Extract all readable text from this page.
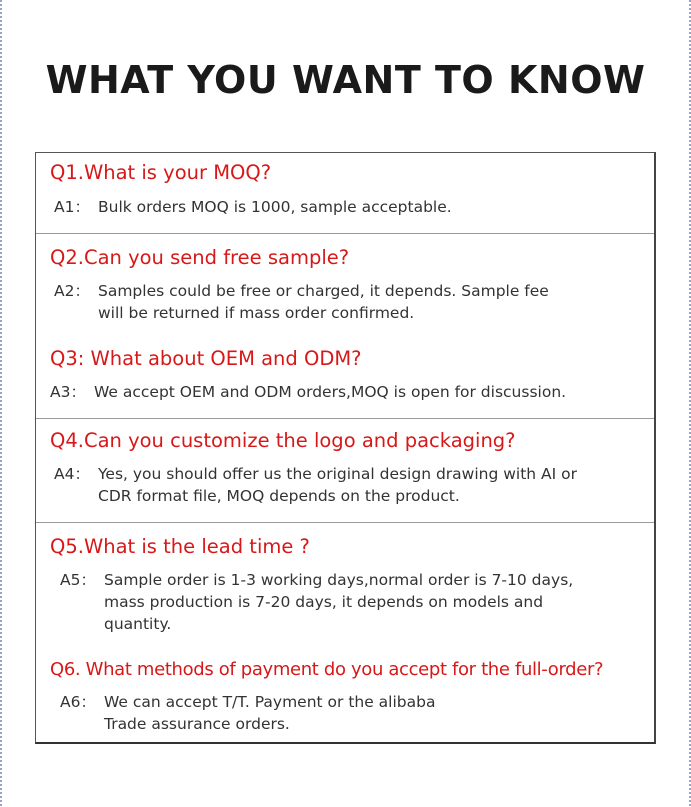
WHAT YOU WANT TO KNOW
Q1.What is your MOQ?
A1： Bulk orders MOQ is 1000, sample acceptable.
Q2.Can you send free sample?
A2： Samples could be free or charged, it depends. Sample fee
will be returned if mass order confirmed.
Q3: What about OEM and ODM?
A3： We accept OEM and ODM orders,MOQ is open for discussion.
Q4.Can you customize the logo and packaging?
A4： Yes, you should offer us the original design drawing with AI or
CDR format file, MOQ depends on the product.
Q5.What is the lead time ?
A5： Sample order is 1-3 working days,normal order is 7-10 days,
mass production is 7-20 days, it depends on models and
quantity.
Q6. What methods of payment do you accept for the full-order?
A6： We can accept T/T. Payment or the alibaba
Trade assurance orders.
